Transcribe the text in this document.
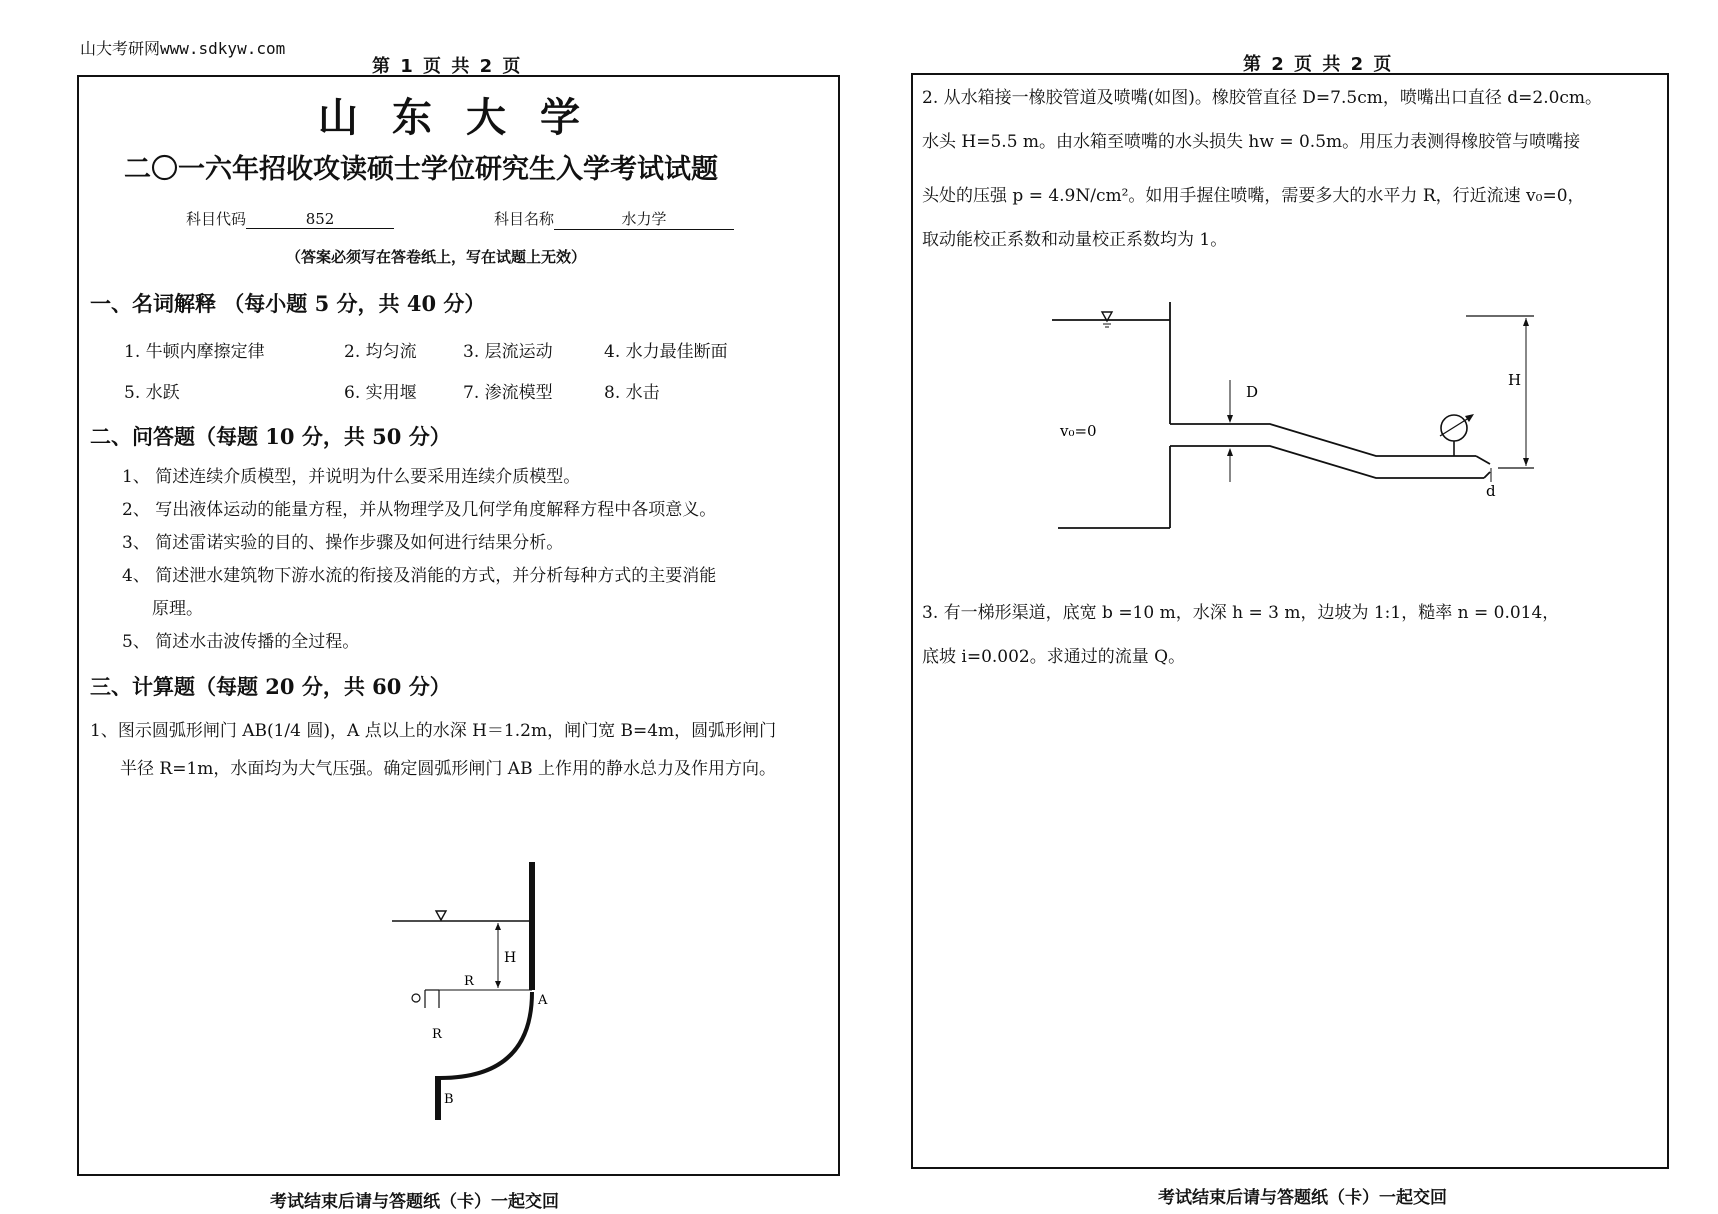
山大考研网www.sdkyw.com
第 1 页 共 2 页
山东大学
二〇一六年招收攻读硕士学位研究生入学考试试题
科目代码	852	科目名称	水力学
（答案必须写在答卷纸上，写在试题上无效）
一、名词解释 （每小题 5 分，共 40 分）
1. 牛顿内摩擦定律	2. 均匀流	3. 层流运动	4. 水力最佳断面
5. 水跃	6. 实用堰	7. 渗流模型	8. 水击
二、问答题（每题 10 分，共 50 分）
1、 简述连续介质模型，并说明为什么要采用连续介质模型。
2、 写出液体运动的能量方程，并从物理学及几何学角度解释方程中各项意义。
3、 简述雷诺实验的目的、操作步骤及如何进行结果分析。
4、 简述泄水建筑物下游水流的衔接及消能的方式，并分析每种方式的主要消能
原理。
5、 简述水击波传播的全过程。
三、计算题（每题 20 分，共 60 分）
1、图示圆弧形闸门 AB(1/4 圆)，A 点以上的水深 H＝1.2m，闸门宽 B=4m，圆弧形闸门
半径 R=1m，水面均为大气压强。确定圆弧形闸门 AB 上作用的静水总力及作用方向。
H
R
O
R
A
B
考试结束后请与答题纸（卡）一起交回
第 2 页 共 2 页
2. 从水箱接一橡胶管道及喷嘴(如图)。橡胶管直径 D=7.5cm，喷嘴出口直径 d=2.0cm。
水头 H=5.5 m。由水箱至喷嘴的水头损失 hw = 0.5m。用压力表测得橡胶管与喷嘴接
头处的压强 p = 4.9N/cm²。如用手握住喷嘴，需要多大的水平力 R，行近流速 v₀=0，
取动能校正系数和动量校正系数均为 1。
D
v₀=0
H
d
3. 有一梯形渠道，底宽 b =10 m，水深 h = 3 m，边坡为 1:1，糙率 n = 0.014，
底坡 i=0.002。求通过的流量 Q。
考试结束后请与答题纸（卡）一起交回
